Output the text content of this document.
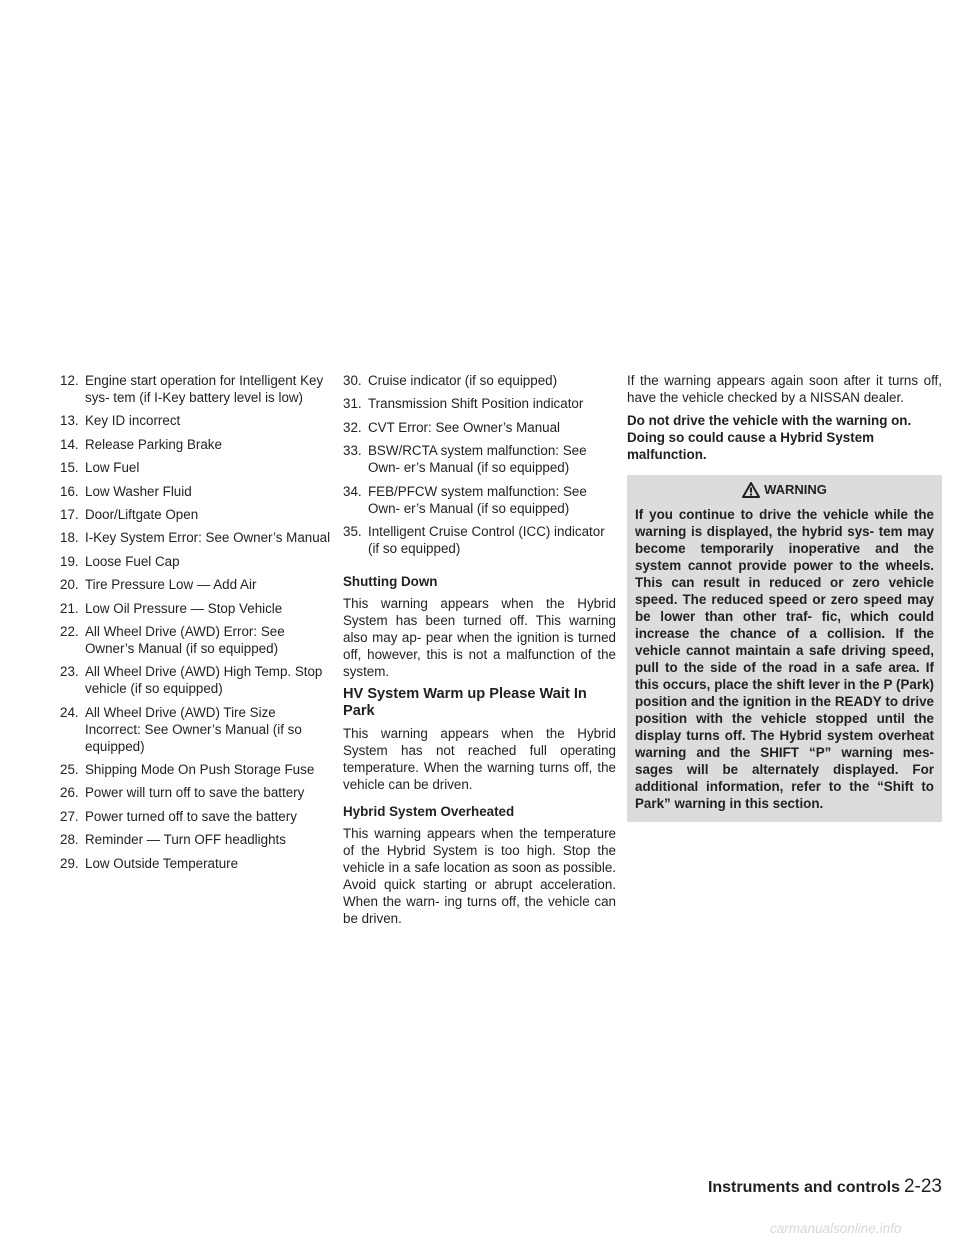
12. Engine start operation for Intelligent Key sys- tem (if I-Key battery level is low)
13. Key ID incorrect
14. Release Parking Brake
15. Low Fuel
16. Low Washer Fluid
17. Door/Liftgate Open
18. I-Key System Error: See Owner’s Manual
19. Loose Fuel Cap
20. Tire Pressure Low — Add Air
21. Low Oil Pressure — Stop Vehicle
22. All Wheel Drive (AWD) Error: See Owner’s Manual (if so equipped)
23. All Wheel Drive (AWD) High Temp. Stop vehicle (if so equipped)
24. All Wheel Drive (AWD) Tire Size Incorrect: See Owner’s Manual (if so equipped)
25. Shipping Mode On Push Storage Fuse
26. Power will turn off to save the battery
27. Power turned off to save the battery
28. Reminder — Turn OFF headlights
29. Low Outside Temperature
30. Cruise indicator (if so equipped)
31. Transmission Shift Position indicator
32. CVT Error: See Owner’s Manual
33. BSW/RCTA system malfunction: See Own- er’s Manual (if so equipped)
34. FEB/PFCW system malfunction: See Own- er’s Manual (if so equipped)
35. Intelligent Cruise Control (ICC) indicator (if so equipped)
Shutting Down

This warning appears when the Hybrid System has been turned off. This warning also may ap- pear when the ignition is turned off, however, this is not a malfunction of the system.

HV System Warm up Please Wait In Park

This warning appears when the Hybrid System has not reached full operating temperature. When the warning turns off, the vehicle can be driven.

Hybrid System Overheated

This warning appears when the temperature of the Hybrid System is too high. Stop the vehicle in a safe location as soon as possible. Avoid quick starting or abrupt acceleration. When the warn- ing turns off, the vehicle can be driven.

If the warning appears again soon after it turns off, have the vehicle checked by a NISSAN dealer.

Do not drive the vehicle with the warning on. Doing so could cause a Hybrid System malfunction.

WARNING
If you continue to drive the vehicle while the warning is displayed, the hybrid sys- tem may become temporarily inoperative and the system cannot provide power to the wheels. This can result in reduced or zero vehicle speed. The reduced speed or zero speed may be lower than other traf- fic, which could increase the chance of a collision. If the vehicle cannot maintain a safe driving speed, pull to the side of the road in a safe area. If this occurs, place the shift lever in the P (Park) position and the ignition in the READY to drive position with the vehicle stopped until the display turns off. The Hybrid system overheat warning and the SHIFT “P” warning mes- sages will be alternately displayed. For additional information, refer to the “Shift to Park” warning in this section.
Instruments and controls 2-23
carmanualsonline.info
